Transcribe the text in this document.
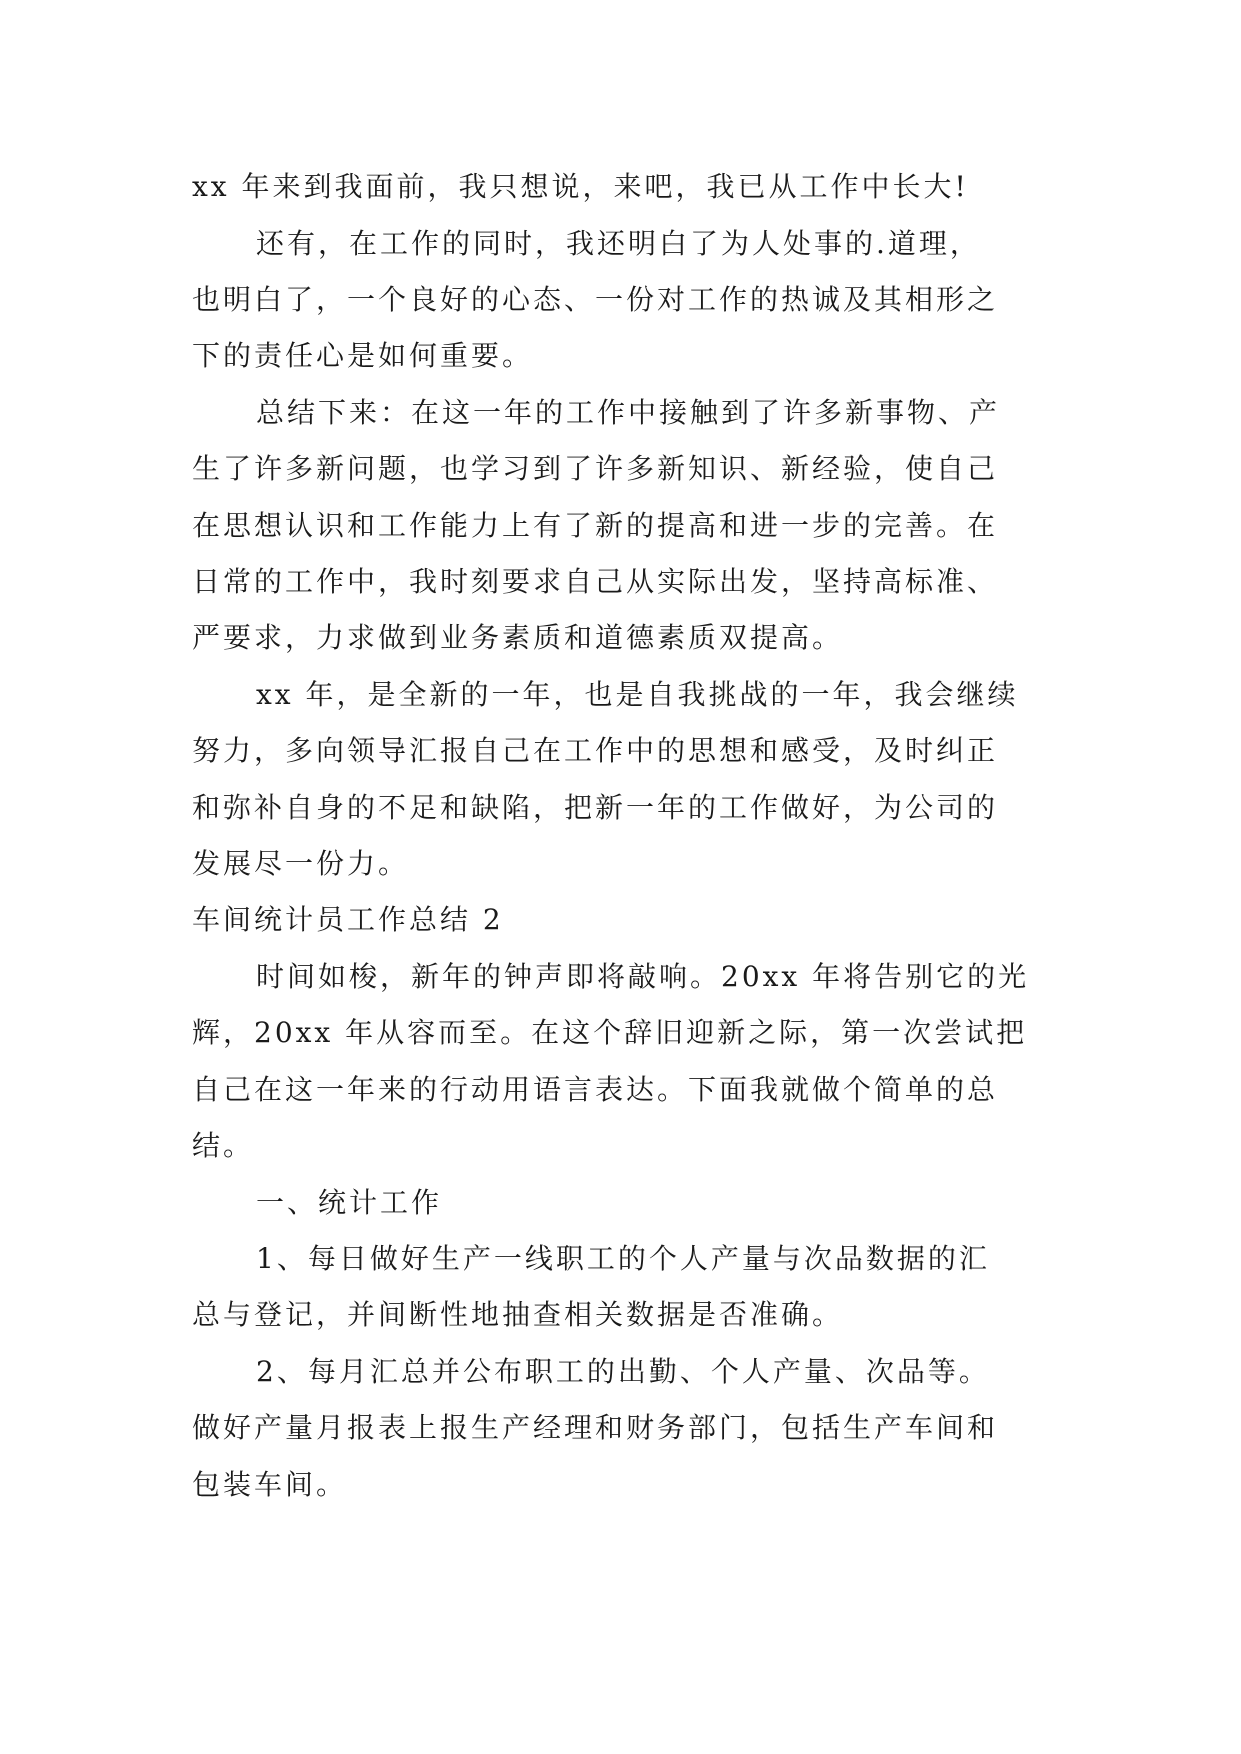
xx 年来到我面前，我只想说，来吧，我已从工作中长大!
还有，在工作的同时，我还明白了为人处事的.道理，
也明白了，一个良好的心态、一份对工作的热诚及其相形之
下的责任心是如何重要。
总结下来：在这一年的工作中接触到了许多新事物、产
生了许多新问题，也学习到了许多新知识、新经验，使自己
在思想认识和工作能力上有了新的提高和进一步的完善。在
日常的工作中，我时刻要求自己从实际出发，坚持高标准、
严要求，力求做到业务素质和道德素质双提高。
xx 年，是全新的一年，也是自我挑战的一年，我会继续
努力，多向领导汇报自己在工作中的思想和感受，及时纠正
和弥补自身的不足和缺陷，把新一年的工作做好，为公司的
发展尽一份力。
车间统计员工作总结 2
时间如梭，新年的钟声即将敲响。20xx 年将告别它的光
辉，20xx 年从容而至。在这个辞旧迎新之际，第一次尝试把
自己在这一年来的行动用语言表达。下面我就做个简单的总
结。
一、统计工作
1、每日做好生产一线职工的个人产量与次品数据的汇
总与登记，并间断性地抽查相关数据是否准确。
2、每月汇总并公布职工的出勤、个人产量、次品等。
做好产量月报表上报生产经理和财务部门，包括生产车间和
包装车间。
